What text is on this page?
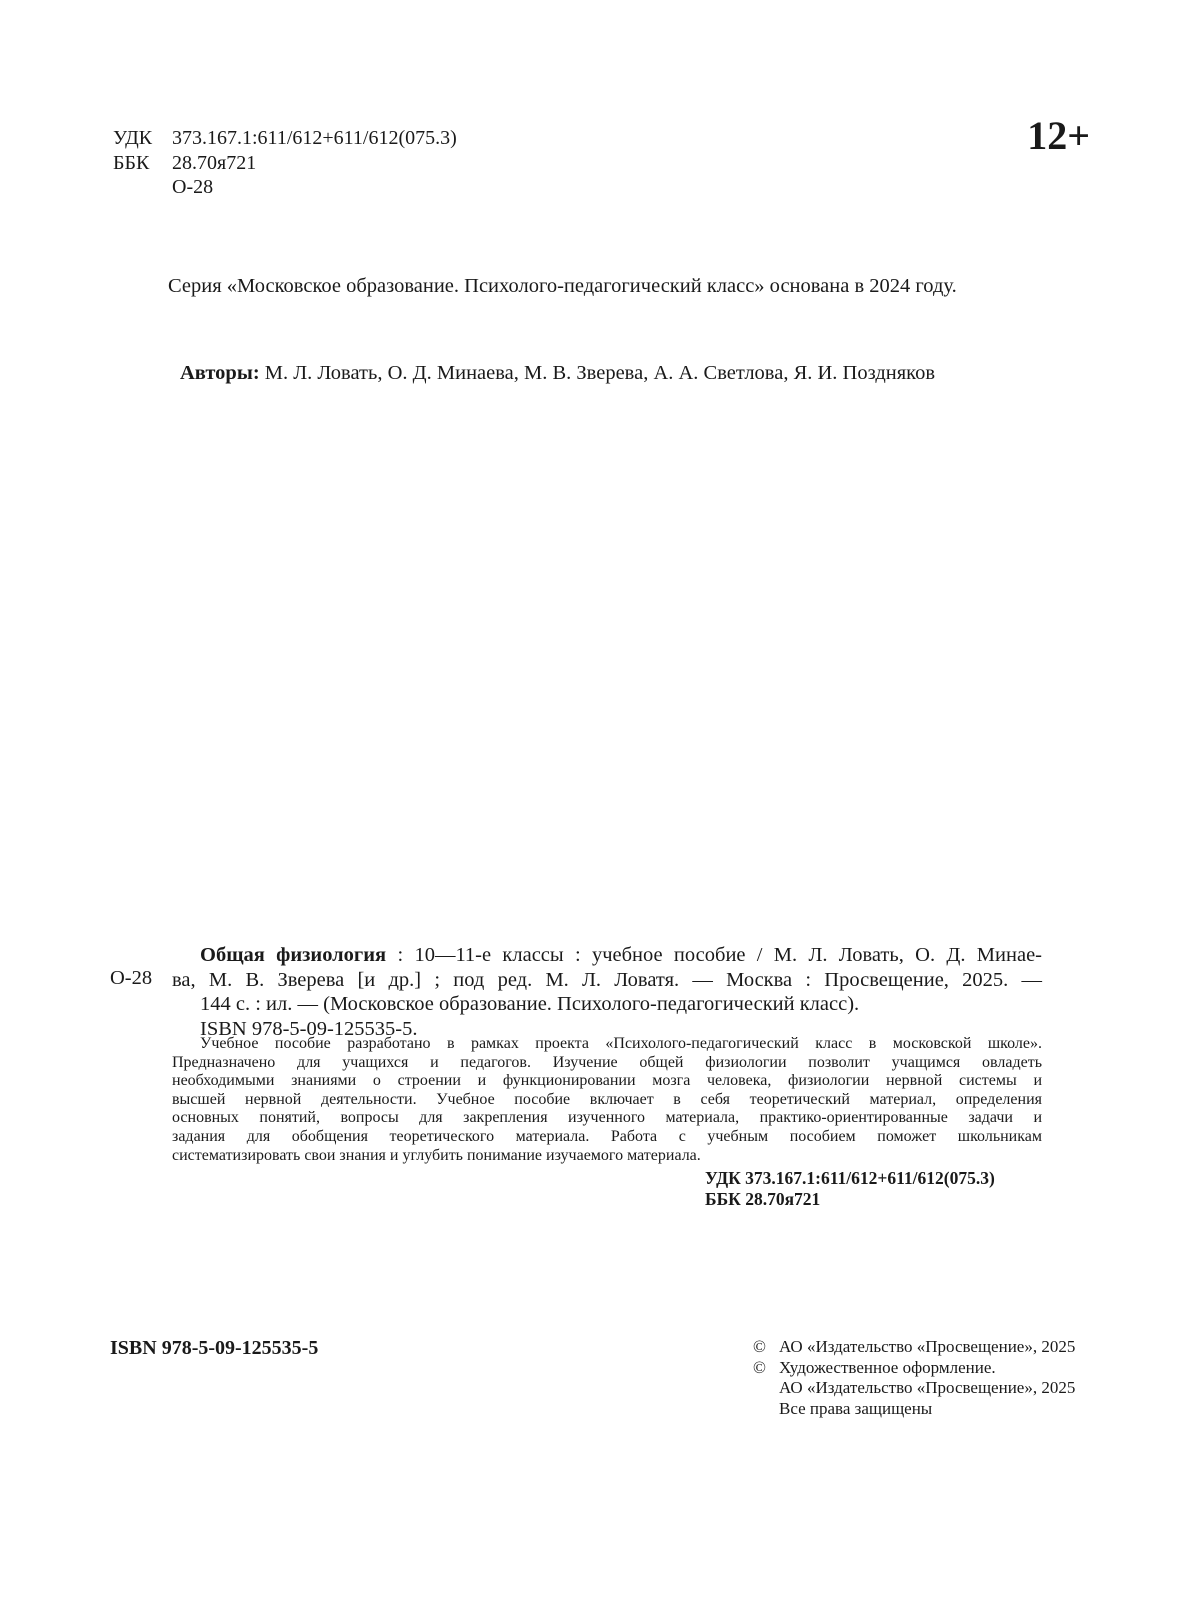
УДК 373.167.1:611/612+611/612(075.3)
ББК 28.70я721
О-28
12+
Серия «Московское образование. Психолого-педагогический класс» основана в 2024 году.
Авторы: М. Л. Ловать, О. Д. Минаева, М. В. Зверева, А. А. Светлова, Я. И. Поздняков
О-28
Общая физиология : 10—11-е классы : учебное пособие / М. Л. Ловать, О. Д. Минае-
ва, М. В. Зверева [и др.] ; под ред. М. Л. Ловатя. — Москва : Просвещение, 2025. —
144 с. : ил. — (Московское образование. Психолого-педагогический класс).
ISBN 978-5-09-125535-5.
Учебное пособие разработано в рамках проекта «Психолого-педагогический класс в московской школе».
Предназначено для учащихся и педагогов. Изучение общей физиологии позволит учащимся овладеть
необходимыми знаниями о строении и функционировании мозга человека, физиологии нервной системы и
высшей нервной деятельности. Учебное пособие включает в себя теоретический материал, определения
основных понятий, вопросы для закрепления изученного материала, практико-ориентированные задачи и
задания для обобщения теоретического материала. Работа с учебным пособием поможет школьникам
систематизировать свои знания и углубить понимание изучаемого материала.
УДК 373.167.1:611/612+611/612(075.3)
ББК 28.70я721
ISBN 978-5-09-125535-5	© АО «Издательство «Просвещение», 2025
© Художественное оформление.
АО «Издательство «Просвещение», 2025
Все права защищены
